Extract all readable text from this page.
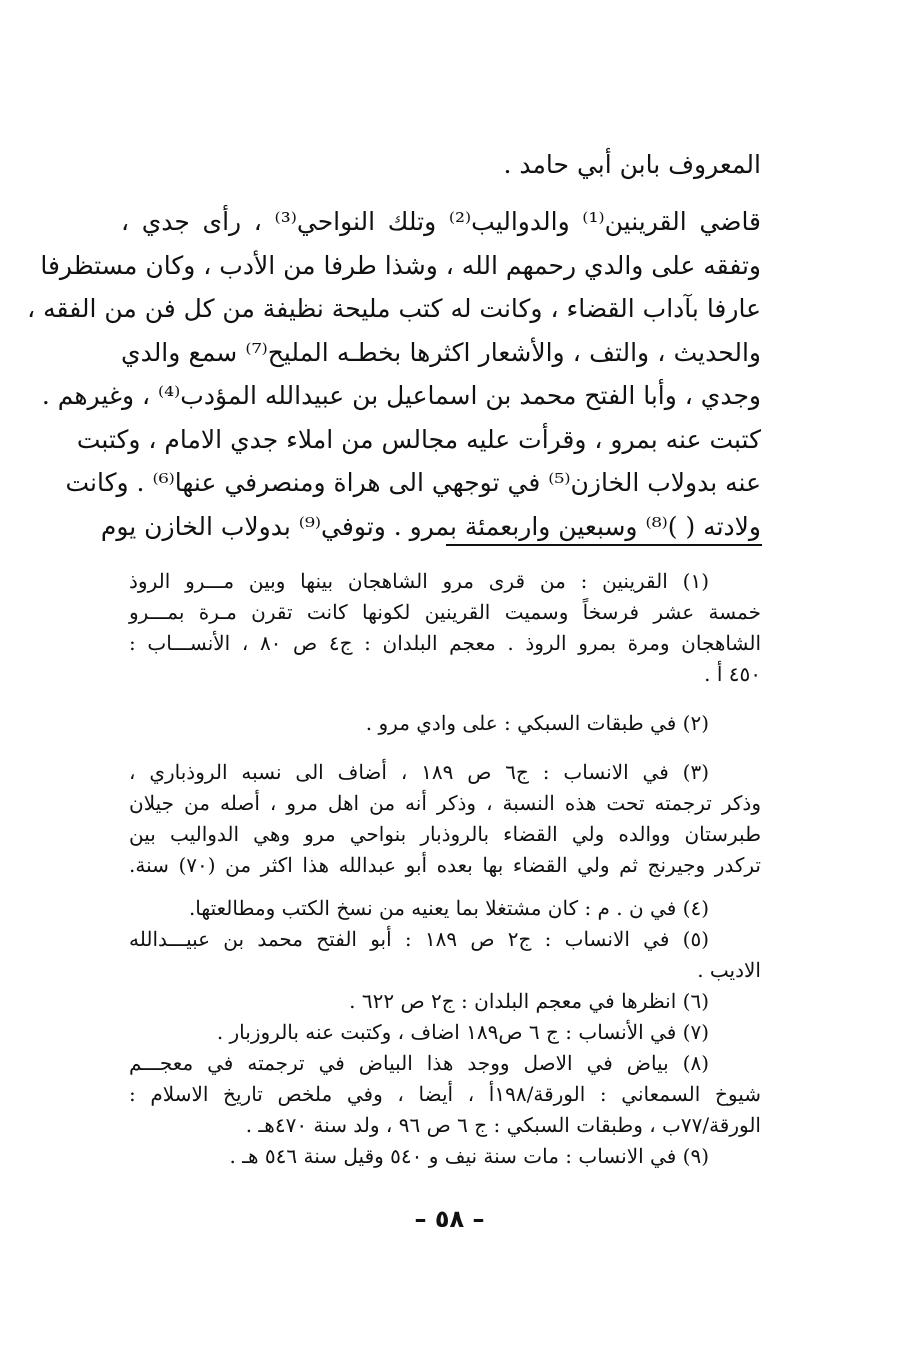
المعروف بابن أبي حامد .
قاضي القرينين⁽¹⁾ والدواليب⁽²⁾ وتلك النواحي⁽³⁾ ، رأى جدي ،
وتفقه على والدي رحمهم الله ، وشذا طرفا من الأدب ، وكان مستظرفا
عارفا بآداب القضاء ، وكانت له كتب مليحة نظيفة من كل فن من الفقه ،
والحديث ، والتف ، والأشعار اكثرها بخطـه المليح⁽⁷⁾ سمع والدي
وجدي ، وأبا الفتح محمد بن اسماعيل بن عبيدالله المؤدب⁽⁴⁾ ، وغيرهم .
كتبت عنه بمرو ، وقرأت عليه مجالس من املاء جدي الامام ، وكتبت
عنه بدولاب الخازن⁽⁵⁾ في توجهي الى هراة ومنصرفي عنها⁽⁶⁾ . وكانت
ولادته ( )⁽⁸⁾ وسبعين واربعمئة بمرو . وتوفي⁽⁹⁾ بدولاب الخازن يوم
(١) القرينين : من قرى مرو الشاهجان بينها وبين مـــرو الروذ
خمسة عشر فرسخاً وسميت القرينين لكونها كانت تقرن مـرة بمـــرو
الشاهجان ومرة بمرو الروذ . معجم البلدان : ج٤ ص ٨٠ ، الأنســـاب :
٤٥٠ أ .
(٢) في طبقات السبكي : على وادي مرو .
(٣) في الانساب : ج٦ ص ١٨٩ ، أضاف الى نسبه الروذباري ،
وذكر ترجمته تحت هذه النسبة ، وذكر أنه من اهل مرو ، أصله من جيلان
طبرستان ووالده ولي القضاء بالروذبار بنواحي مرو وهي الدواليب بين
تركدر وجيرنج ثم ولي القضاء بها بعده أبو عبدالله هذا اكثر من (٧٠) سنة.
(٤) في ن . م : كان مشتغلا بما يعنيه من نسخ الكتب ومطالعتها.
(٥) في الانساب : ج٢ ص ١٨٩ : أبو الفتح محمد بن عبيـــدالله
الاديب .
(٦) انظرها في معجم البلدان : ج٢ ص ٦٢٢ .
(٧) في الأنساب : ج ٦ ص١٨٩ اضاف ، وكتبت عنه بالروزبار .
(٨) بياض في الاصل ووجد هذا البياض في ترجمته في معجـــم
شيوخ السمعاني : الورقة/١٩٨أ ، أيضا ، وفي ملخص تاريخ الاسلام :
الورقة/٧٧ب ، وطبقات السبكي : ج ٦ ص ٩٦ ، ولد سنة ٤٧٠هـ .
(٩) في الانساب : مات سنة نيف و ٥٤٠ وقيل سنة ٥٤٦ هـ .
– ٥٨ –
